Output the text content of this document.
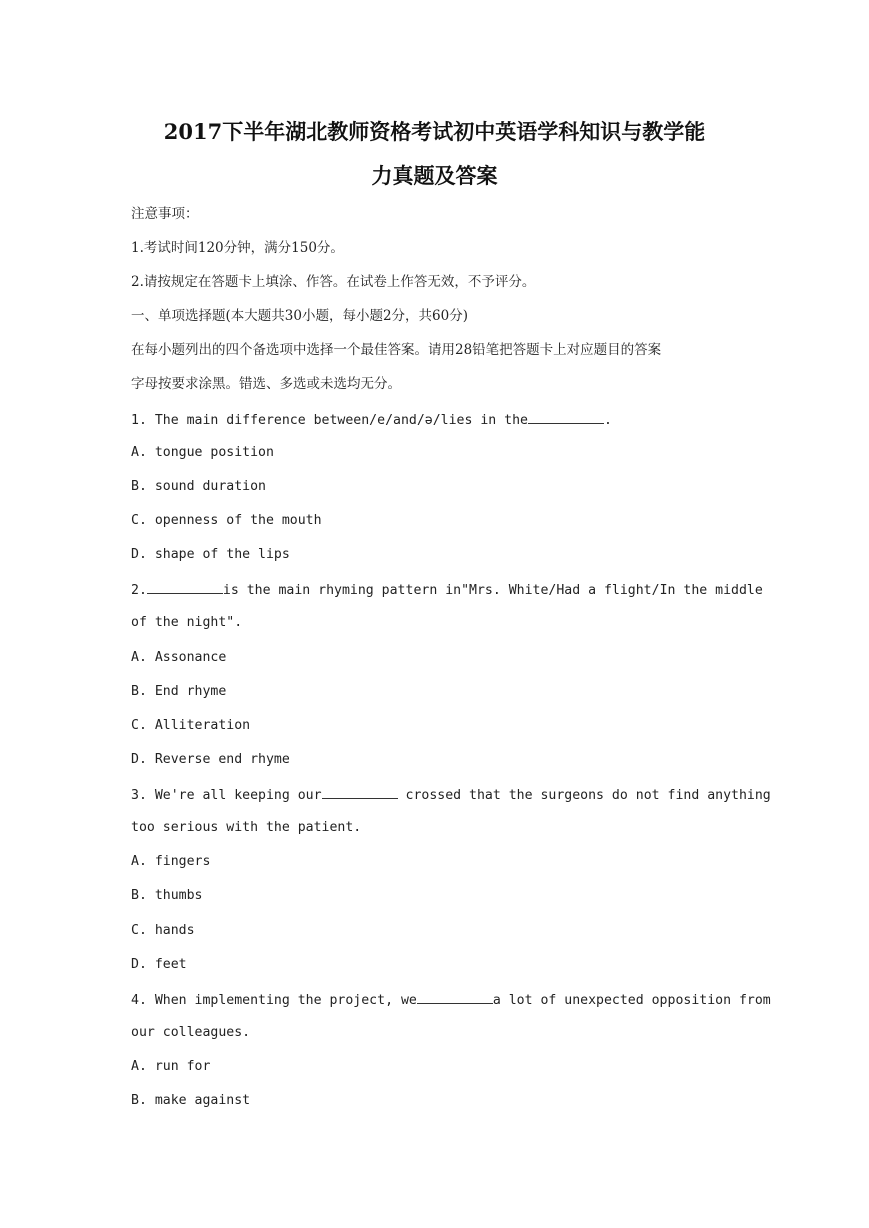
2017下半年湖北教师资格考试初中英语学科知识与教学能
力真题及答案
注意事项：
1.考试时间120分钟，满分150分。
2.请按规定在答题卡上填涂、作答。在试卷上作答无效，不予评分。
一、单项选择题(本大题共30小题，每小题2分，共60分)
在每小题列出的四个备选项中选择一个最佳答案。请用28铅笔把答题卡上对应题目的答案
字母按要求涂黑。错选、多选或未选均无分。
1. The main difference between/e/and/ə/lies in the	.
A. tongue position
B. sound duration
C. openness of the mouth
D. shape of the lips
2.	is the main rhyming pattern in"Mrs. White/Had a flight/In the middle
of the night".
A. Assonance
B. End rhyme
C. Alliteration
D. Reverse end rhyme
3. We're all keeping our	crossed that the surgeons do not find anything
too serious with the patient.
A. fingers
B. thumbs
C. hands
D. feet
4. When implementing the project, we	a lot of unexpected opposition from
our colleagues.
A. run for
B. make against
